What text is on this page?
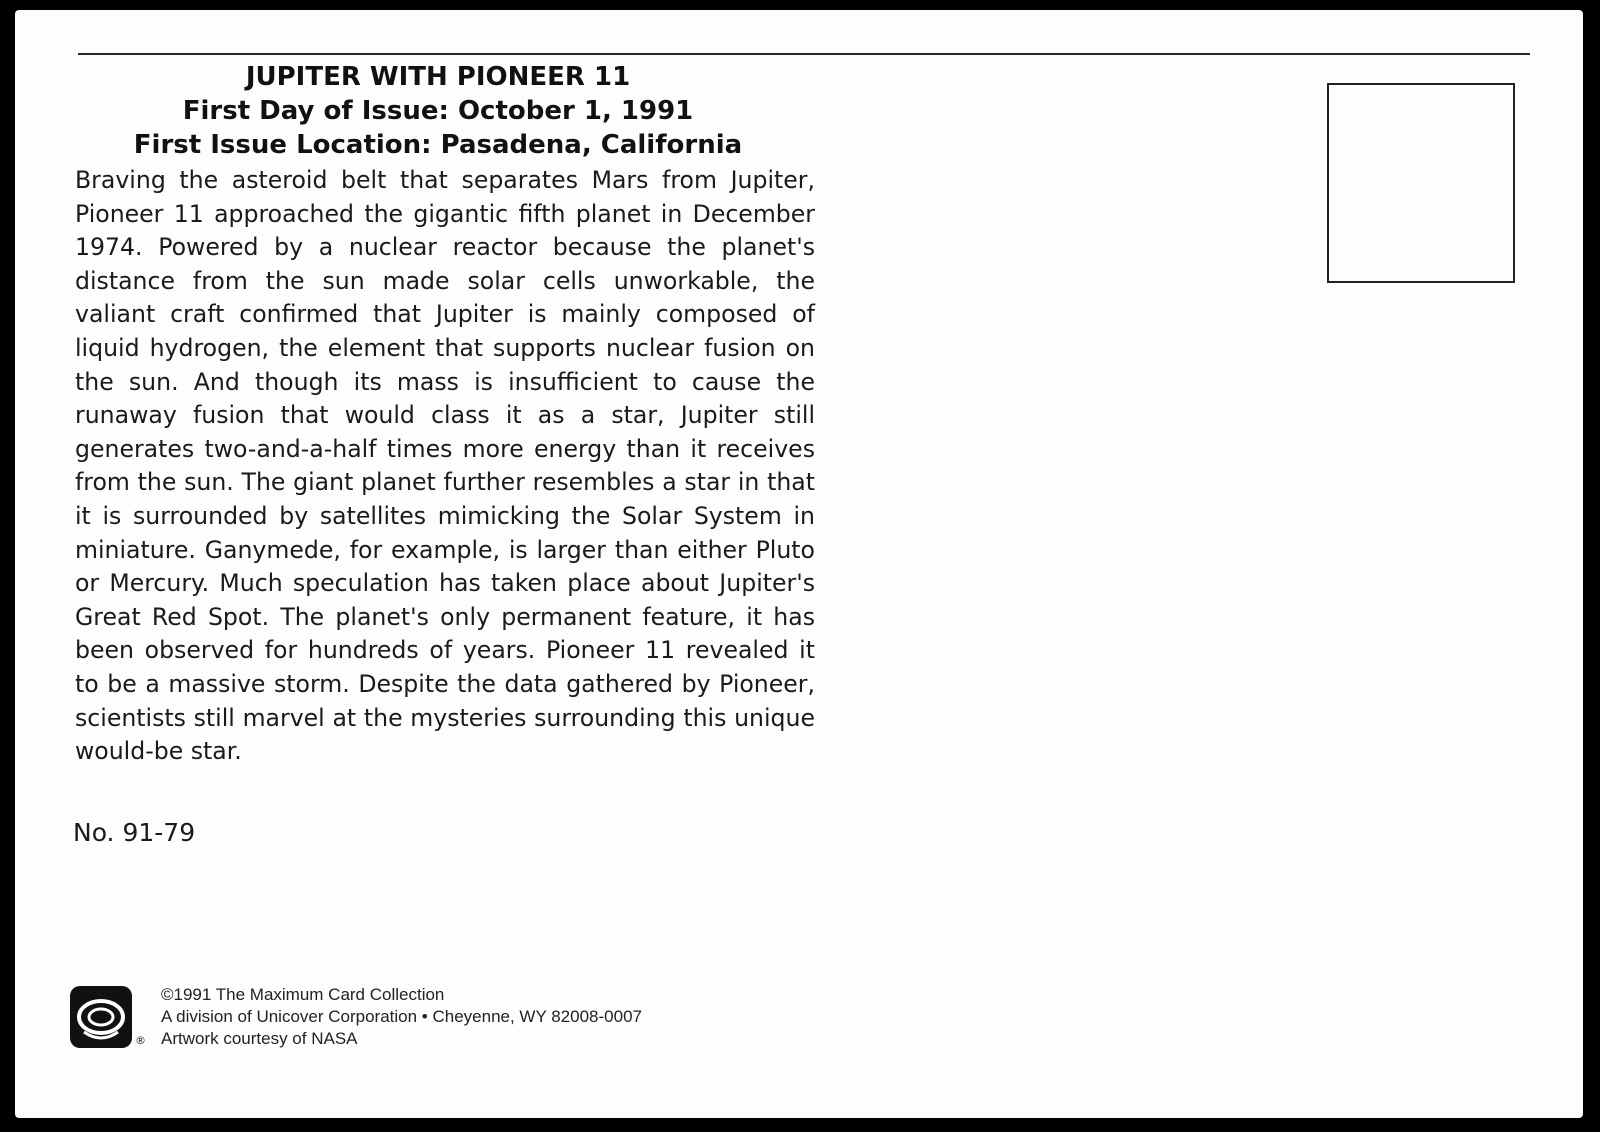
JUPITER WITH PIONEER 11
First Day of Issue: October 1, 1991
First Issue Location: Pasadena, California
Braving the asteroid belt that separates Mars from Jupiter, Pioneer 11 approached the gigantic fifth planet in December 1974. Powered by a nuclear reactor because the planet's distance from the sun made solar cells unworkable, the valiant craft confirmed that Jupiter is mainly composed of liquid hydrogen, the element that supports nuclear fusion on the sun. And though its mass is insufficient to cause the runaway fusion that would class it as a star, Jupiter still generates two-and-a-half times more energy than it receives from the sun. The giant planet further resembles a star in that it is surrounded by satellites mimicking the Solar System in miniature. Ganymede, for example, is larger than either Pluto or Mercury. Much speculation has taken place about Jupiter's Great Red Spot. The planet's only permanent feature, it has been observed for hundreds of years. Pioneer 11 revealed it to be a massive storm. Despite the data gathered by Pioneer, scientists still marvel at the mysteries surrounding this unique would-be star.
No. 91-79
®
©1991 The Maximum Card Collection
A division of Unicover Corporation • Cheyenne, WY 82008-0007
Artwork courtesy of NASA
